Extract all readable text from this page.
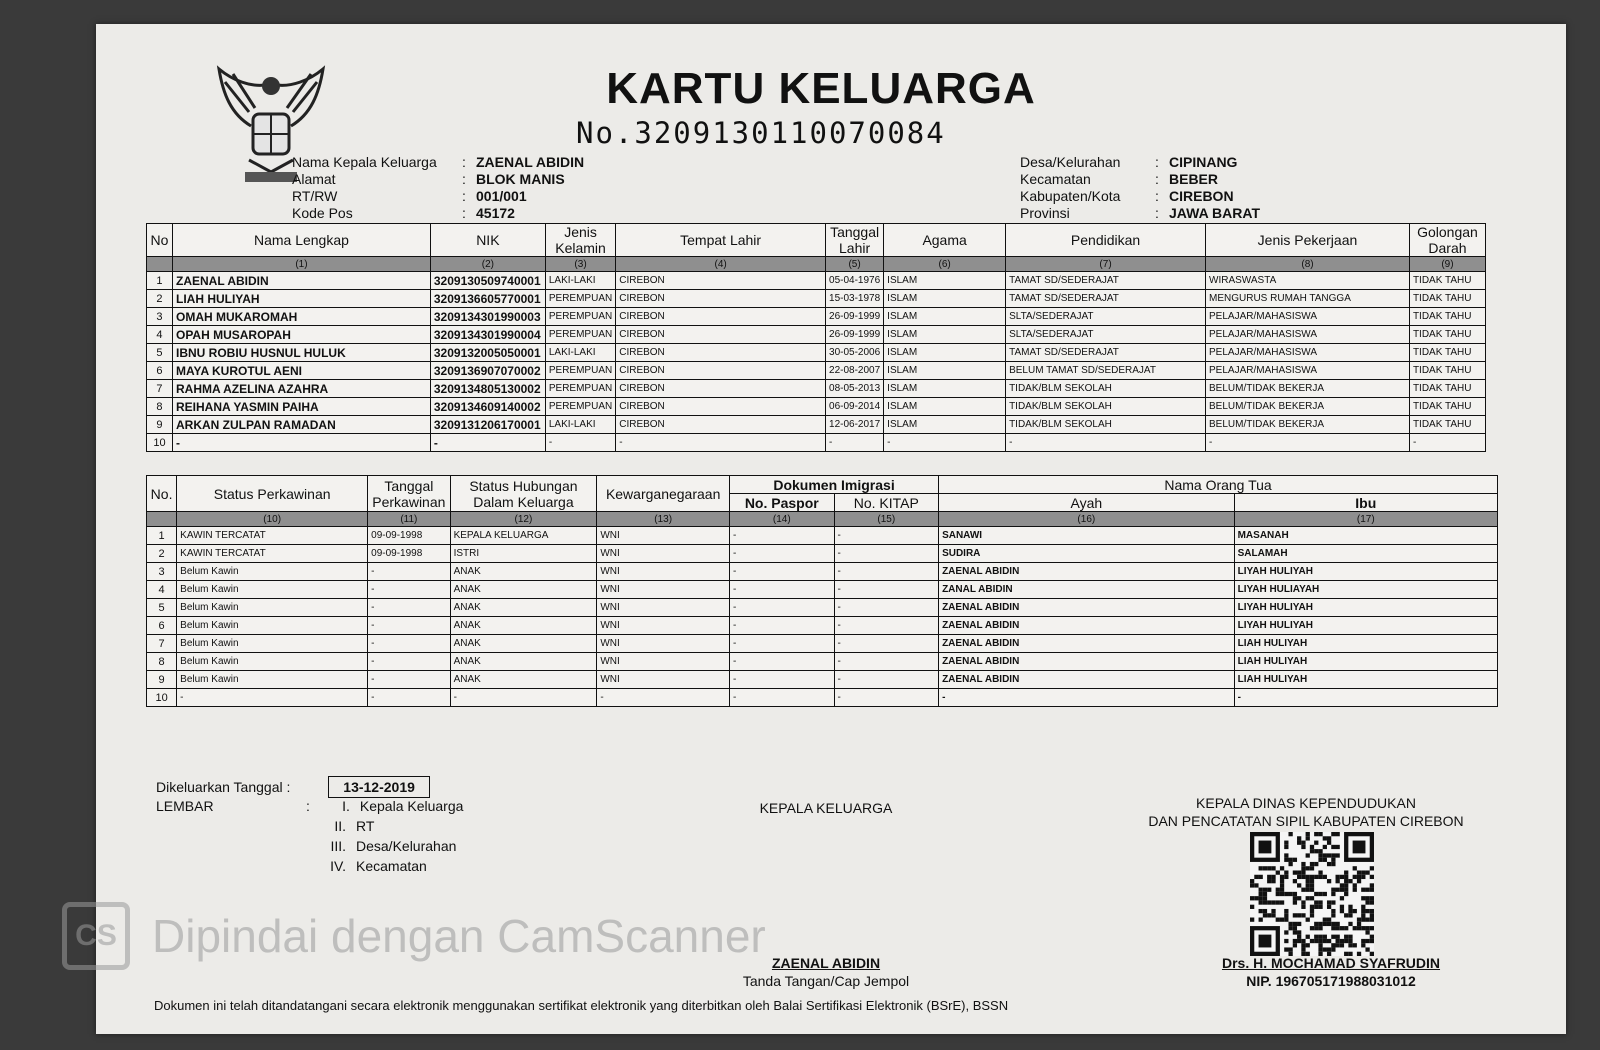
KARTU KELUARGA
No.3209130110070084
Nama Kepala Keluarga	: ZAENAL ABIDIN
Alamat	: BLOK MANIS
RT/RW	: 001/001
Kode Pos	: 45172
Desa/Kelurahan	: CIPINANG
Kecamatan	: BEBER
Kabupaten/Kota	: CIREBON
Provinsi	: JAWA BARAT
No	Nama Lengkap	NIK	Jenis Kelamin	Tempat Lahir	Tanggal Lahir	Agama	Pendidikan	Jenis Pekerjaan	Golongan Darah
	(1)	(2)	(3)	(4)	(5)	(6)	(7)	(8)	(9)
1	ZAENAL ABIDIN	3209130509740001	LAKI-LAKI	CIREBON	05-04-1976	ISLAM	TAMAT SD/SEDERAJAT	WIRASWASTA	TIDAK TAHU
2	LIAH HULIYAH	3209136605770001	PEREMPUAN	CIREBON	15-03-1978	ISLAM	TAMAT SD/SEDERAJAT	MENGURUS RUMAH TANGGA	TIDAK TAHU
3	OMAH MUKAROMAH	3209134301990003	PEREMPUAN	CIREBON	26-09-1999	ISLAM	SLTA/SEDERAJAT	PELAJAR/MAHASISWA	TIDAK TAHU
4	OPAH MUSAROPAH	3209134301990004	PEREMPUAN	CIREBON	26-09-1999	ISLAM	SLTA/SEDERAJAT	PELAJAR/MAHASISWA	TIDAK TAHU
5	IBNU ROBIU HUSNUL HULUK	3209132005050001	LAKI-LAKI	CIREBON	30-05-2006	ISLAM	TAMAT SD/SEDERAJAT	PELAJAR/MAHASISWA	TIDAK TAHU
6	MAYA KUROTUL AENI	3209136907070002	PEREMPUAN	CIREBON	22-08-2007	ISLAM	BELUM TAMAT SD/SEDERAJAT	PELAJAR/MAHASISWA	TIDAK TAHU
7	RAHMA AZELINA AZAHRA	3209134805130002	PEREMPUAN	CIREBON	08-05-2013	ISLAM	TIDAK/BLM SEKOLAH	BELUM/TIDAK BEKERJA	TIDAK TAHU
8	REIHANA YASMIN PAIHA	3209134609140002	PEREMPUAN	CIREBON	06-09-2014	ISLAM	TIDAK/BLM SEKOLAH	BELUM/TIDAK BEKERJA	TIDAK TAHU
9	ARKAN ZULPAN RAMADAN	3209131206170001	LAKI-LAKI	CIREBON	12-06-2017	ISLAM	TIDAK/BLM SEKOLAH	BELUM/TIDAK BEKERJA	TIDAK TAHU
10	-	-	-	-	-	-	-	-	-
No.	Status Perkawinan	Tanggal Perkawinan	Status Hubungan Dalam Keluarga	Kewarganegaraan	Dokumen Imigrasi		Nama Orang Tua	
					No. Paspor	No. KITAP	Ayah	Ibu
	(10)	(11)	(12)	(13)	(14)	(15)	(16)	(17)
1	KAWIN TERCATAT	09-09-1998	KEPALA KELUARGA	WNI	-	-	SANAWI	MASANAH
2	KAWIN TERCATAT	09-09-1998	ISTRI	WNI	-	-	SUDIRA	SALAMAH
3	Belum Kawin	-	ANAK	WNI	-	-	ZAENAL ABIDIN	LIYAH HULIYAH
4	Belum Kawin	-	ANAK	WNI	-	-	ZANAL ABIDIN	LIYAH HULIAYAH
5	Belum Kawin	-	ANAK	WNI	-	-	ZAENAL ABIDIN	LIYAH HULIYAH
6	Belum Kawin	-	ANAK	WNI	-	-	ZAENAL ABIDIN	LIYAH HULIYAH
7	Belum Kawin	-	ANAK	WNI	-	-	ZAENAL ABIDIN	LIAH HULIYAH
8	Belum Kawin	-	ANAK	WNI	-	-	ZAENAL ABIDIN	LIAH HULIYAH
9	Belum Kawin	-	ANAK	WNI	-	-	ZAENAL ABIDIN	LIAH HULIYAH
10	-	-	-	-	-	-	-	-
Dikeluarkan Tanggal :	13-12-2019
LEMBAR	:	I. Kepala Keluarga
II. RT
III. Desa/Kelurahan
IV. Kecamatan
KEPALA KELUARGA
ZAENAL ABIDIN
Tanda Tangan/Cap Jempol
KEPALA DINAS KEPENDUDUKAN
DAN PENCATATAN SIPIL KABUPATEN CIREBON
Drs. H. MOCHAMAD SYAFRUDIN
NIP. 196705171988031012
Dokumen ini telah ditandatangani secara elektronik menggunakan sertifikat elektronik yang diterbitkan oleh Balai Sertifikasi Elektronik (BSrE), BSSN
CS Dipindai dengan CamScanner
